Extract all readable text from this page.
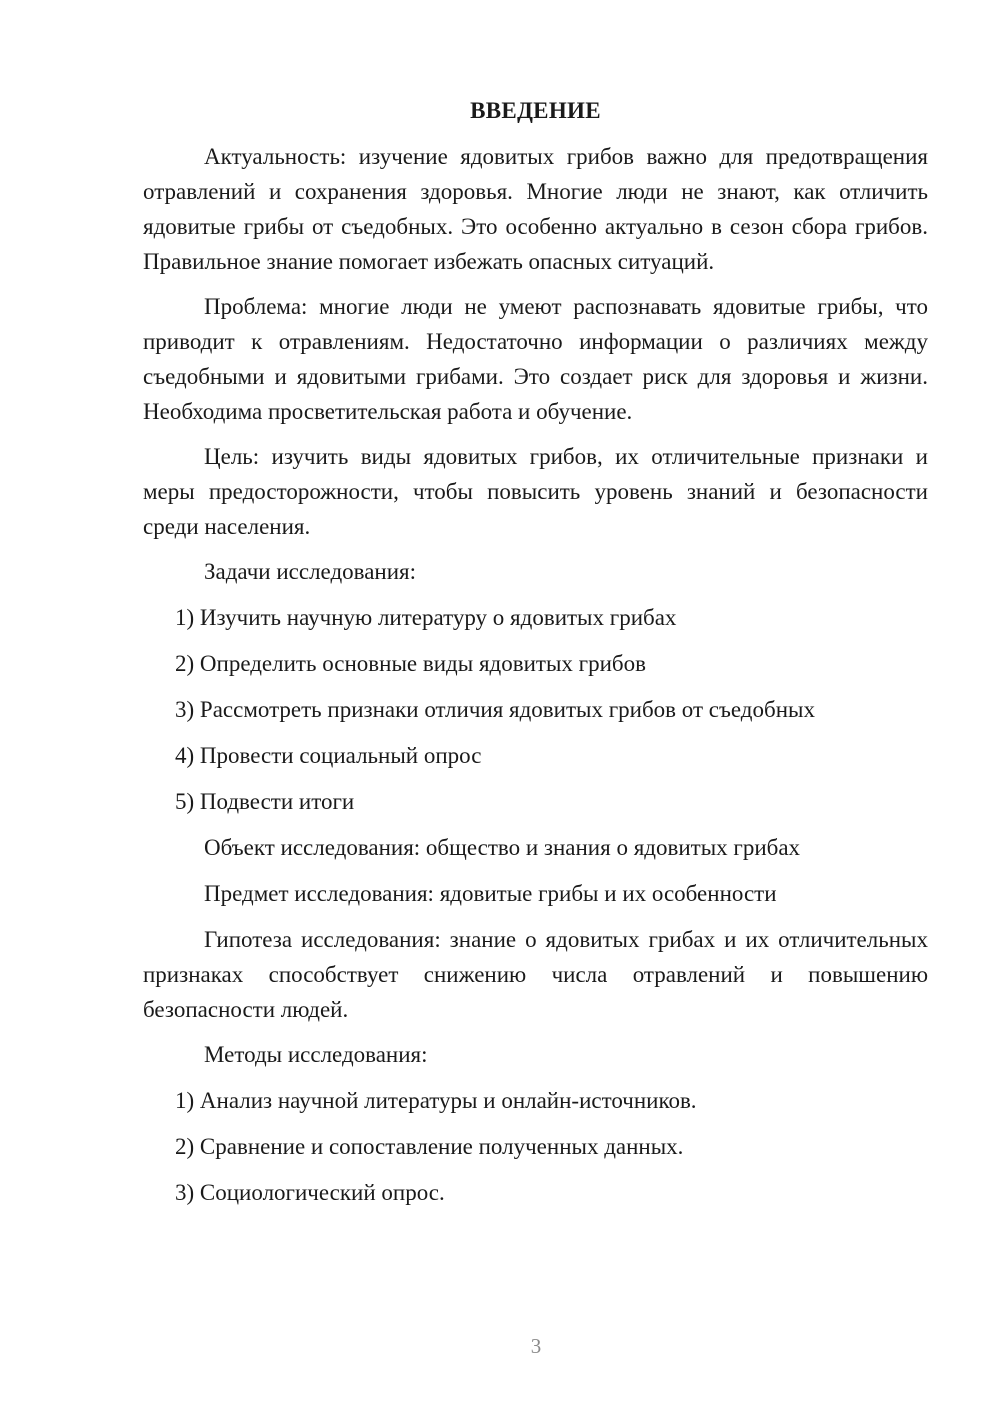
ВВЕДЕНИЕ

Актуальность: изучение ядовитых грибов важно для предотвращения отравлений и сохранения здоровья. Многие люди не знают, как отличить ядовитые грибы от съедобных. Это особенно актуально в сезон сбора грибов. Правильное знание помогает избежать опасных ситуаций.

Проблема: многие люди не умеют распознавать ядовитые грибы, что приводит к отравлениям. Недостаточно информации о различиях между съедобными и ядовитыми грибами. Это создает риск для здоровья и жизни. Необходима просветительская работа и обучение.

Цель: изучить виды ядовитых грибов, их отличительные признаки и меры предосторожности, чтобы повысить уровень знаний и безопасности среди населения.

Задачи исследования:
1) Изучить научную литературу о ядовитых грибах
2) Определить основные виды ядовитых грибов
3) Рассмотреть признаки отличия ядовитых грибов от съедобных
4) Провести социальный опрос
5) Подвести итоги
Объект исследования: общество и знания о ядовитых грибах
Предмет исследования: ядовитые грибы и их особенности

Гипотеза исследования: знание о ядовитых грибах и их отличительных признаках способствует снижению числа отравлений и повышению безопасности людей.

Методы исследования:
1) Анализ научной литературы и онлайн-источников.
2) Сравнение и сопоставление полученных данных.
3) Социологический опрос.
3
